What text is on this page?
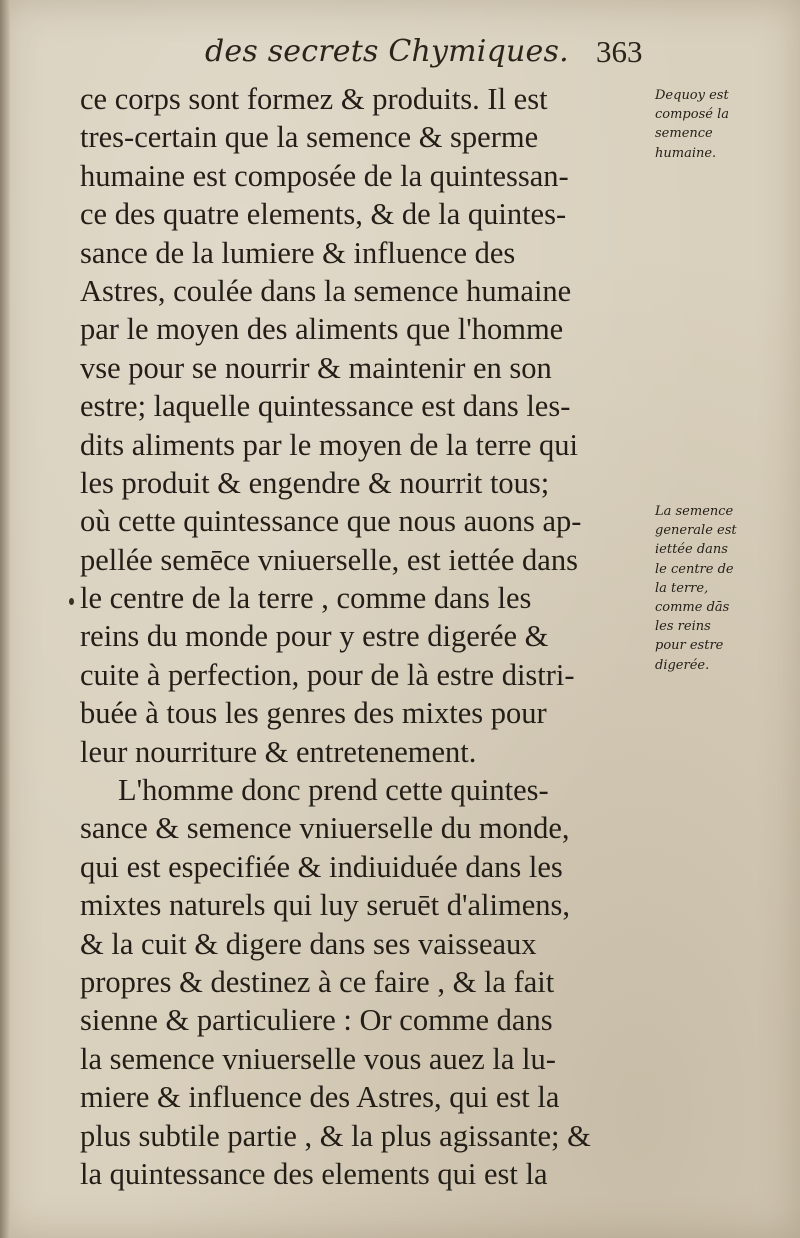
des secrets Chymiques. 363
ce corps sont formez & produits. Il est
tres-certain que la semence & sperme
humaine est composée de la quintessan-
ce des quatre elements, & de la quintes-
sance de la lumiere & influence des
Astres, coulée dans la semence humaine
par le moyen des aliments que l'homme
vse pour se nourrir & maintenir en son
estre; laquelle quintessance est dans les-
dits aliments par le moyen de la terre qui
les produit & engendre & nourrit tous;
où cette quintessance que nous auons ap-
pellée semēce vniuerselle, est iettée dans
le centre de la terre , comme dans les
reins du monde pour y estre digerée &
cuite à perfection, pour de là estre distri-
buée à tous les genres des mixtes pour
leur nourriture & entretenement.
L'homme donc prend cette quintes-
sance & semence vniuerselle du monde,
qui est especifiée & indiuiduée dans les
mixtes naturels qui luy seruēt d'alimens,
& la cuit & digere dans ses vaisseaux
propres & destinez à ce faire , & la fait
sienne & particuliere : Or comme dans
la semence vniuerselle vous auez la lu-
miere & influence des Astres, qui est la
plus subtile partie , & la plus agissante; &
la quintessance des elements qui est la
Dequoy est
composé la
semence
humaine.
La semence
generale est
iettée dans
le centre de
la terre,
comme dās
les reins
pour estre
digerée.
